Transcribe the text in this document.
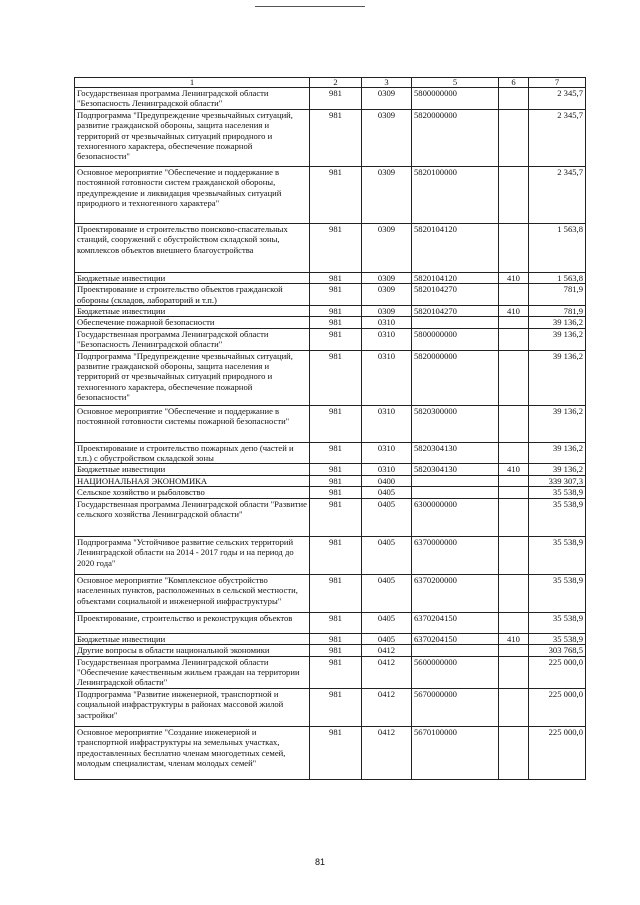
1	2	3	5	6	7
Государственная программа Ленинградской области "Безопасность Ленинградской области"	981	0309	5800000000		2 345,7
Подпрограмма "Предупреждение чрезвычайных ситуаций, развитие гражданской обороны, защита населения и территорий от чрезвычайных ситуаций природного и техногенного характера, обеспечение пожарной безопасности"	981	0309	5820000000		2 345,7
Основное мероприятие "Обеспечение и поддержание в постоянной готовности систем гражданской обороны, предупреждение и ликвидация чрезвычайных ситуаций природного и техногенного характера"	981	0309	5820100000		2 345,7
Проектирование и строительство поисково-спасательных станций, сооружений с обустройством складской зоны, комплексов объектов внешнего благоустройства	981	0309	5820104120		1 563,8
Бюджетные инвестиции	981	0309	5820104120	410	1 563,8
Проектирование и строительство объектов гражданской обороны (складов, лабораторий и т.п.)	981	0309	5820104270		781,9
Бюджетные инвестиции	981	0309	5820104270	410	781,9
Обеспечение пожарной безопасности	981	0310			39 136,2
Государственная программа Ленинградской области "Безопасность Ленинградской области"	981	0310	5800000000		39 136,2
Подпрограмма "Предупреждение чрезвычайных ситуаций, развитие гражданской обороны, защита населения и территорий от чрезвычайных ситуаций природного и техногенного характера, обеспечение пожарной безопасности"	981	0310	5820000000		39 136,2
Основное мероприятие "Обеспечение и поддержание в постоянной готовности системы пожарной безопасности"	981	0310	5820300000		39 136,2
Проектирование и строительство пожарных депо (частей и т.п.) с обустройством складской зоны	981	0310	5820304130		39 136,2
Бюджетные инвестиции	981	0310	5820304130	410	39 136,2
НАЦИОНАЛЬНАЯ ЭКОНОМИКА	981	0400			339 307,3
Сельское хозяйство и рыболовство	981	0405			35 538,9
Государственная программа Ленинградской области "Развитие сельского хозяйства Ленинградской области"	981	0405	6300000000		35 538,9
Подпрограмма "Устойчивое развитие сельских территорий Ленинградской области на 2014 - 2017 годы и на период до 2020 года"	981	0405	6370000000		35 538,9
Основное мероприятие "Комплексное обустройство населенных пунктов, расположенных в сельской местности, объектами социальной и инженерной инфраструктуры"	981	0405	6370200000		35 538,9
Проектирование, строительство и реконструкция объектов	981	0405	6370204150		35 538,9
Бюджетные инвестиции	981	0405	6370204150	410	35 538,9
Другие вопросы в области национальной экономики	981	0412			303 768,5
Государственная программа Ленинградской области "Обеспечение качественным жильем граждан на территории Ленинградской области"	981	0412	5600000000		225 000,0
Подпрограмма "Развитие инженерной, транспортной и социальной инфраструктуры в районах массовой жилой застройки"	981	0412	5670000000		225 000,0
Основное мероприятие "Создание инженерной и транспортной инфраструктуры на земельных участках, предоставленных бесплатно членам многодетных семей, молодым специалистам, членам молодых семей"	981	0412	5670100000		225 000,0
81
